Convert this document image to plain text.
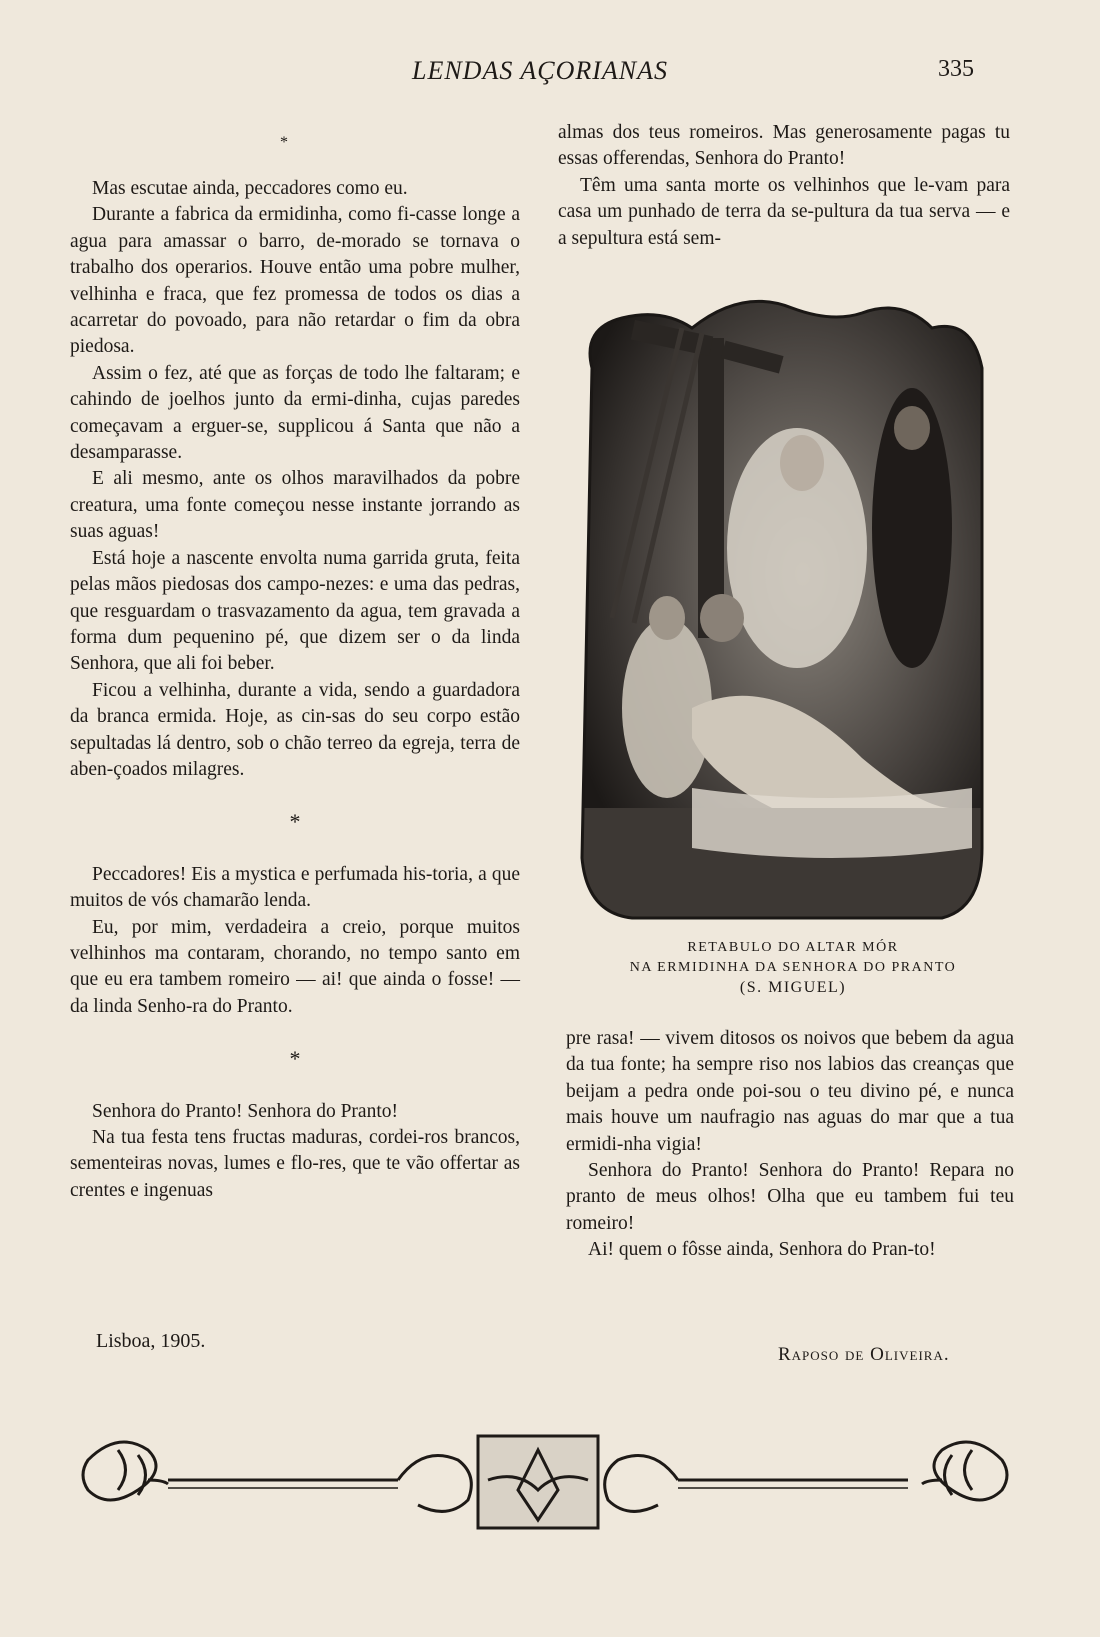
LENDAS AÇORIANAS	335
*

Mas escutae ainda, peccadores como eu.

Durante a fabrica da ermidinha, como fi-casse longe a agua para amassar o barro, de-morado se tornava o trabalho dos operarios. Houve então uma pobre mulher, velhinha e fraca, que fez promessa de todos os dias a acarretar do povoado, para não retardar o fim da obra piedosa.

Assim o fez, até que as forças de todo lhe faltaram; e cahindo de joelhos junto da ermi-dinha, cujas paredes começavam a erguer-se, supplicou á Santa que não a desamparasse.

E ali mesmo, ante os olhos maravilhados da pobre creatura, uma fonte começou nesse instante jorrando as suas aguas!

Está hoje a nascente envolta numa garrida gruta, feita pelas mãos piedosas dos campo-nezes: e uma das pedras, que resguardam o trasvazamento da agua, tem gravada a forma dum pequenino pé, que dizem ser o da linda Senhora, que ali foi beber.

Ficou a velhinha, durante a vida, sendo a guardadora da branca ermida. Hoje, as cin-sas do seu corpo estão sepultadas lá dentro, sob o chão terreo da egreja, terra de aben-çoados milagres.

*

Peccadores! Eis a mystica e perfumada his-toria, a que muitos de vós chamarão lenda.

Eu, por mim, verdadeira a creio, porque muitos velhinhos ma contaram, chorando, no tempo santo em que eu era tambem romeiro — ai! que ainda o fosse! — da linda Senho-ra do Pranto.

*

Senhora do Pranto! Senhora do Pranto!

Na tua festa tens fructas maduras, cordei-ros brancos, sementeiras novas, lumes e flo-res, que te vão offertar as crentes e ingenuas

almas dos teus romeiros. Mas generosamente pagas tu essas offerendas, Senhora do Pranto!

Têm uma santa morte os velhinhos que le-vam para casa um punhado de terra da se-pultura da tua serva — e a sepultura está sem-

RETABULO DO ALTAR MÓR
NA ERMIDINHA DA SENHORA DO PRANTO
(S. MIGUEL)

pre rasa! — vivem ditosos os noivos que bebem da agua da tua fonte; ha sempre riso nos labios das creanças que beijam a pedra onde poi-sou o teu divino pé, e nunca mais houve um naufragio nas aguas do mar que a tua ermidi-nha vigia!

Senhora do Pranto! Senhora do Pranto! Repara no pranto de meus olhos! Olha que eu tambem fui teu romeiro!

Ai! quem o fôsse ainda, Senhora do Pran-to!

Lisboa, 1905.
Raposo de Oliveira.
